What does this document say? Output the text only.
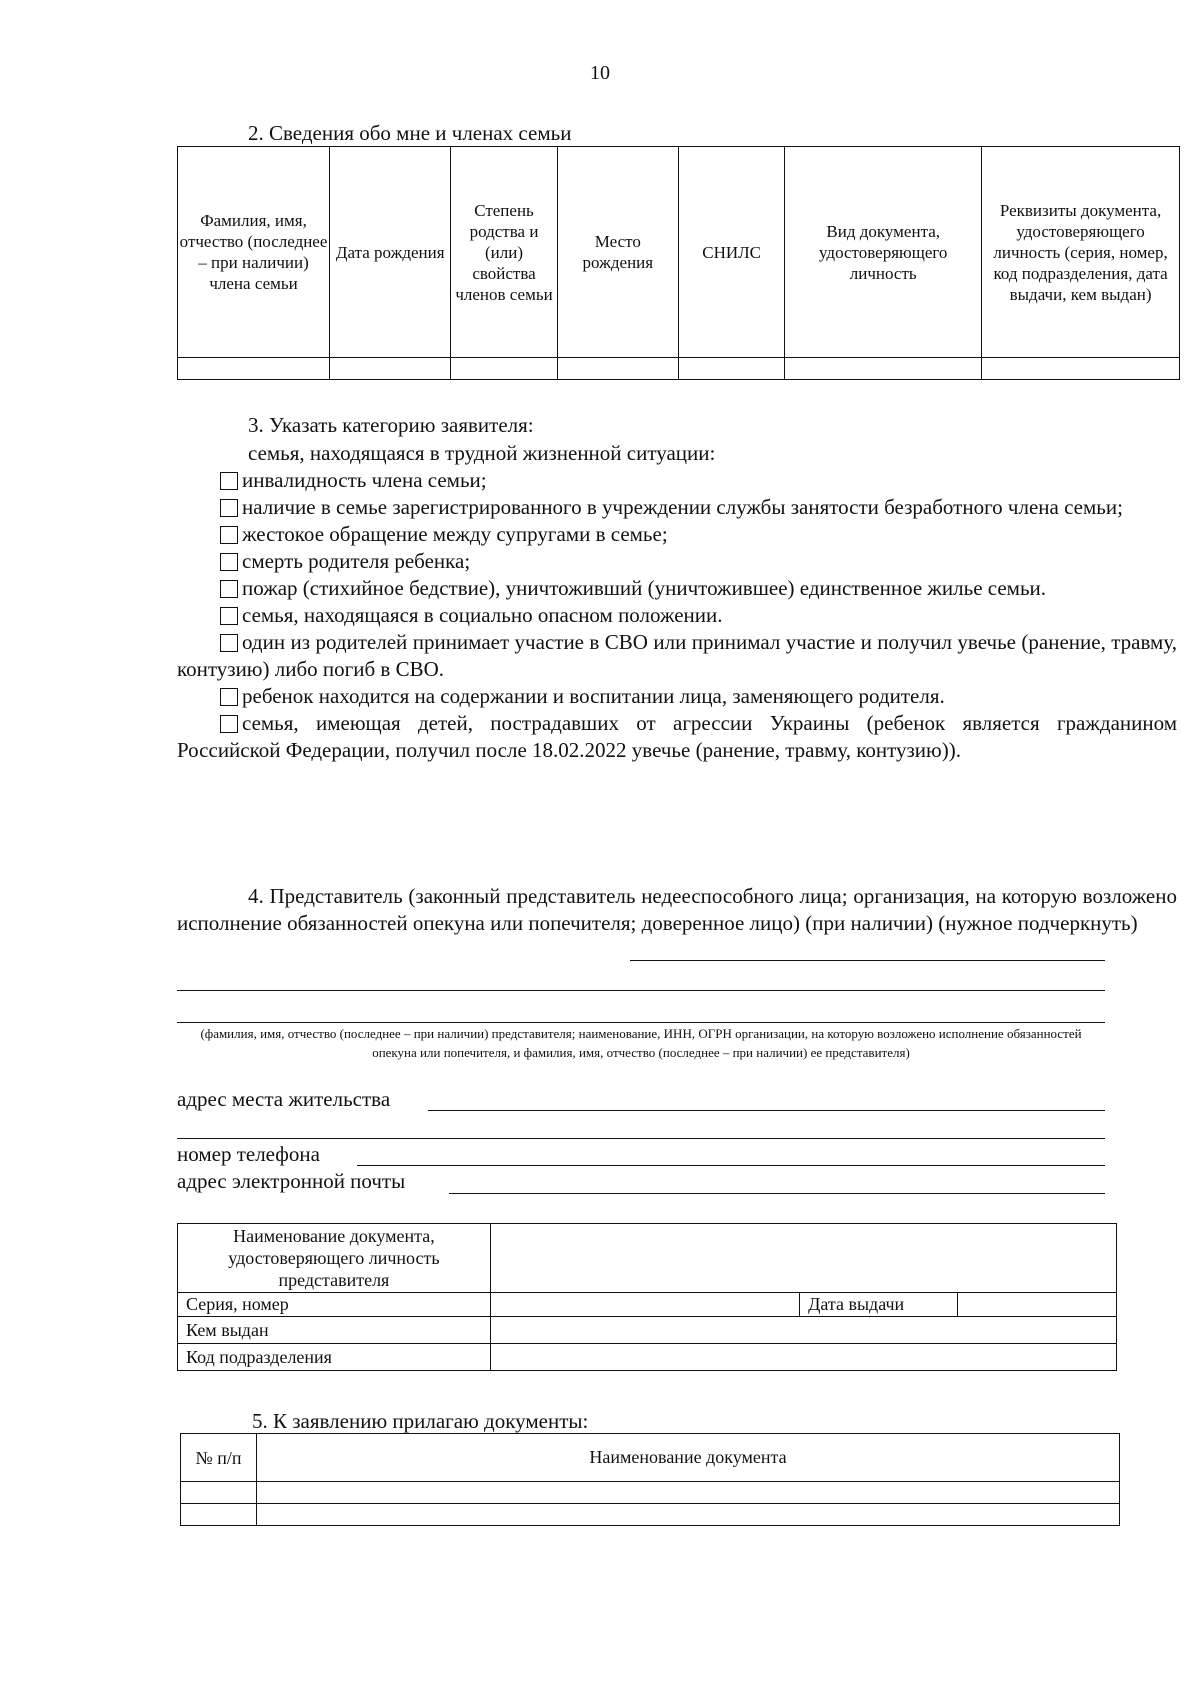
10
2. Сведения обо мне и членах семьи
Фамилия, имя, отчество (последнее – при наличии) члена семьи	Дата рождения	Степень родства и (или) свойства членов семьи	Место рождения	СНИЛС	Вид документа, удостоверяющего личность	Реквизиты документа, удостоверяющего личность (серия, номер, код подразделения, дата выдачи, кем выдан)

3. Указать категорию заявителя:
семья, находящаяся в трудной жизненной ситуации:
инвалидность члена семьи;
наличие в семье зарегистрированного в учреждении службы занятости безработного члена семьи;
жестокое обращение между супругами в семье;
смерть родителя ребенка;
пожар (стихийное бедствие), уничтоживший (уничтожившее) единственное жилье семьи.
семья, находящаяся в социально опасном положении.
один из родителей принимает участие в СВО или принимал участие и получил увечье (ранение, травму, контузию) либо погиб в СВО.
ребенок находится на содержании и воспитании лица, заменяющего родителя.
семья, имеющая детей, пострадавших от агрессии Украины (ребенок является гражданином Российской Федерации, получил после 18.02.2022 увечье (ранение, травму, контузию)).
4. Представитель (законный представитель недееспособного лица; организация, на которую возложено исполнение обязанностей опекуна или попечителя; доверенное лицо) (при наличии) (нужное подчеркнуть)
(фамилия, имя, отчество (последнее – при наличии) представителя; наименование, ИНН, ОГРН организации, на которую возложено исполнение обязанностей опекуна или попечителя, и фамилия, имя, отчество (последнее – при наличии) ее представителя)
адрес места жительства
номер телефона
адрес электронной почты
Наименование документа, удостоверяющего личность представителя			
Серия, номер		Дата выдачи	
Кем выдан			
Код подразделения			
5. К заявлению прилагаю документы:
№ п/п	Наименование документа
